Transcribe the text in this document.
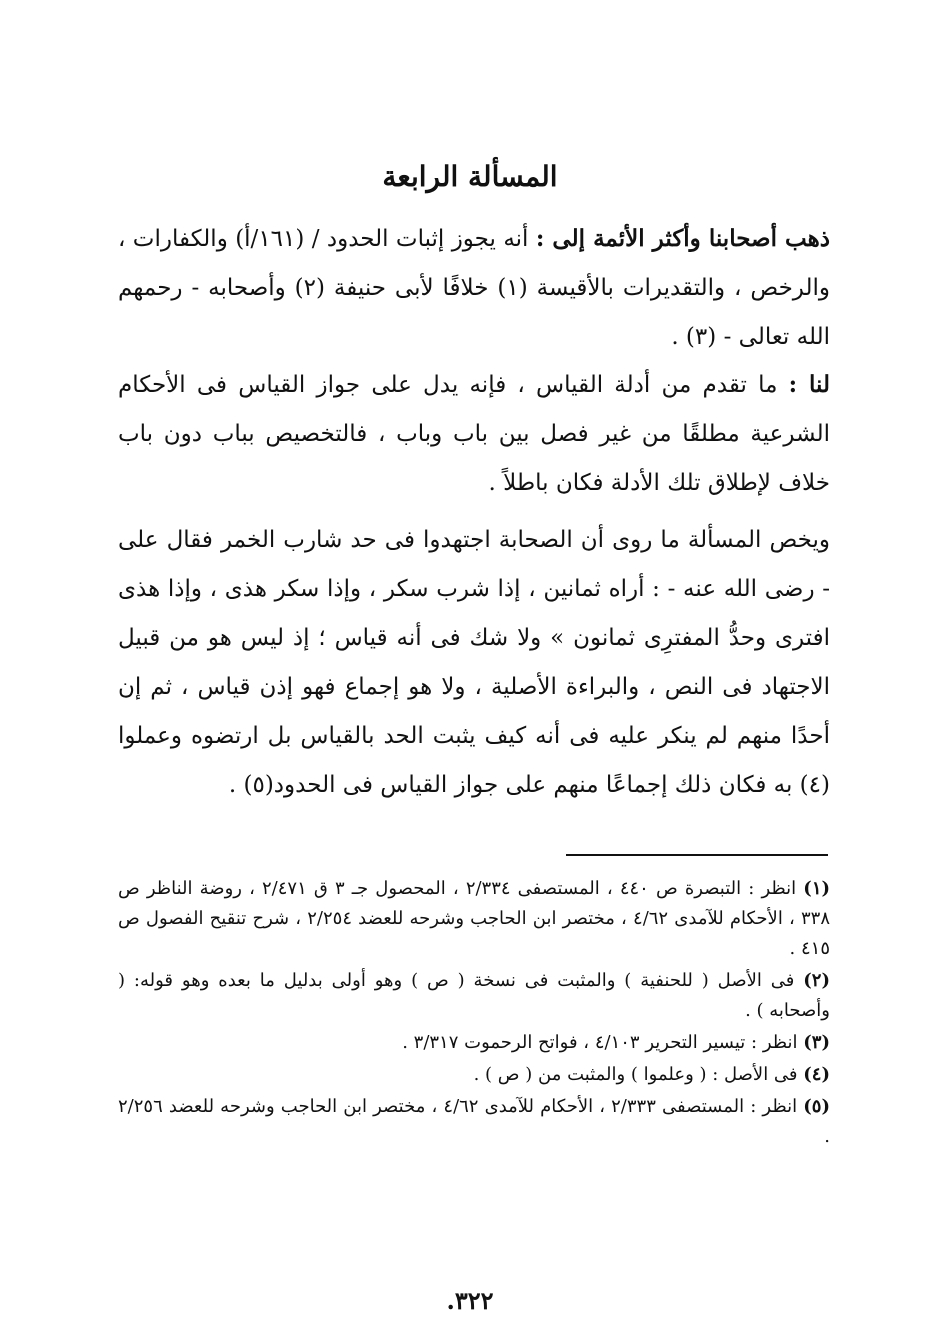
المسألة الرابعة

ذهب أصحابنا وأكثر الأئمة إلى : أنه يجوز إثبات الحدود / (١٦١/أ) والكفارات ، والرخص ، والتقديرات بالأقيسة (١) خلافًا لأبى حنيفة (٢) وأصحابه - رحمهم الله تعالى - (٣) .

لنا : ما تقدم من أدلة القياس ، فإنه يدل على جواز القياس فى الأحكام الشرعية مطلقًا من غير فصل بين باب وباب ، فالتخصيص بباب دون باب خلاف لإطلاق تلك الأدلة فكان باطلاً .

ويخص المسألة ما روى أن الصحابة اجتهدوا فى حد شارب الخمر فقال على - رضى الله عنه - : أراه ثمانين ، إذا شرب سكر ، وإذا سكر هذى ، وإذا هذى افترى وحدُّ المفترِى ثمانون » ولا شك فى أنه قياس ؛ إذ ليس هو من قبيل الاجتهاد فى النص ، والبراءة الأصلية ، ولا هو إجماع فهو إذن قياس ، ثم إن أحدًا منهم لم ينكر عليه فى أنه كيف يثبت الحد بالقياس بل ارتضوه وعملوا (٤) به فكان ذلك إجماعًا منهم على جواز القياس فى الحدود(٥) .

(١) انظر : التبصرة ص ٤٤٠ ، المستصفى ٢/٣٣٤ ، المحصول جـ ٣ ق ٢/٤٧١ ، روضة الناظر ص ٣٣٨ ، الأحكام للآمدى ٤/٦٢ ، مختصر ابن الحاجب وشرحه للعضد ٢/٢٥٤ ، شرح تنقيح الفصول ص ٤١٥ .

(٢) فى الأصل ( للحنفية ) والمثبت فى نسخة ( ص ) وهو أولى بدليل ما بعده وهو قوله: ( وأصحابه ) .

(٣) انظر : تيسير التحرير ٤/١٠٣ ، فواتح الرحموت ٣/٣١٧ .

(٤) فى الأصل : ( وعلموا ) والمثبت من ( ص ) .

(٥) انظر : المستصفى ٢/٣٣٣ ، الأحكام للآمدى ٤/٦٢ ، مختصر ابن الحاجب وشرحه للعضد ٢/٢٥٦ .

٣٢٢.
